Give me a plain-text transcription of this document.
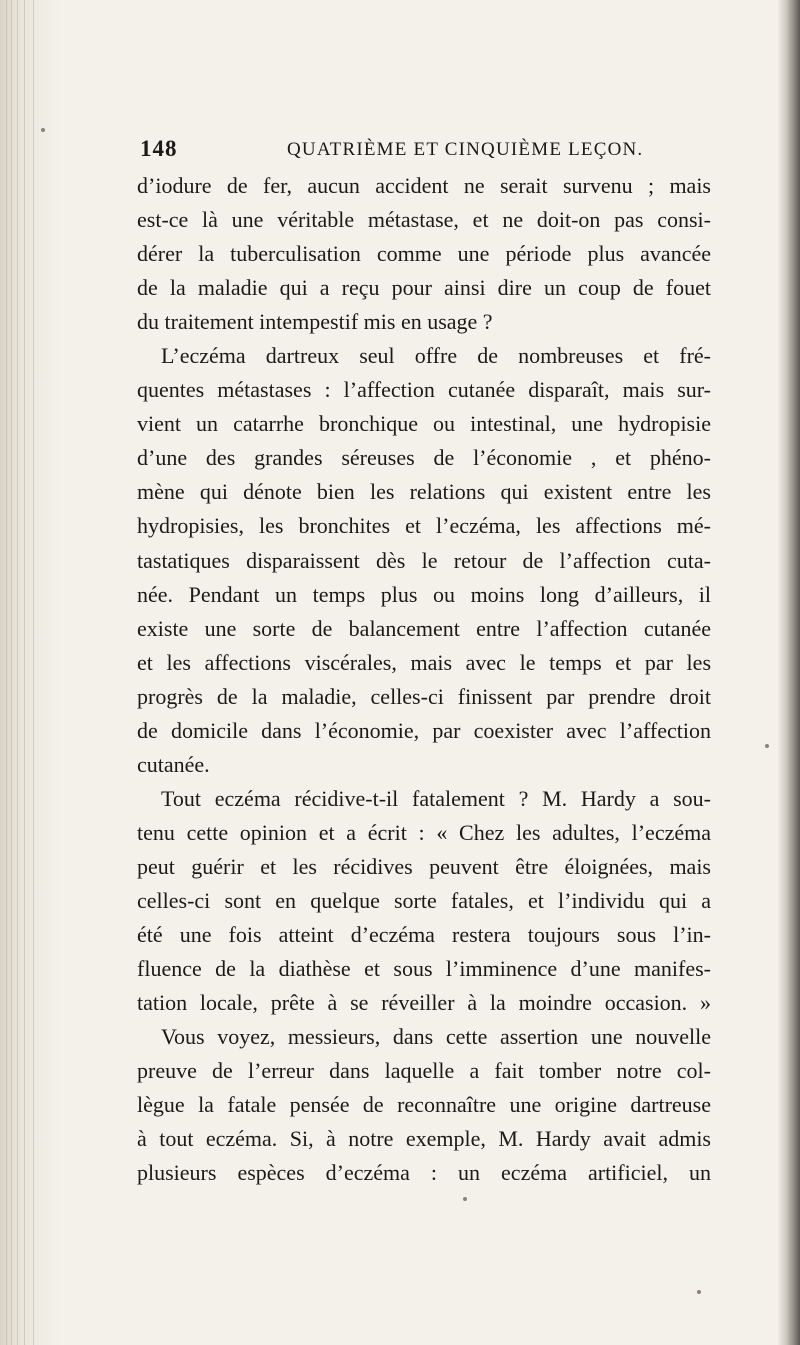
148	QUATRIÈME ET CINQUIÈME LEÇON.
d’iodure de fer, aucun accident ne serait survenu ; mais
est-ce là une véritable métastase, et ne doit-on pas consi-
dérer la tuberculisation comme une période plus avancée
de la maladie qui a reçu pour ainsi dire un coup de fouet
du traitement intempestif mis en usage ?
L’eczéma dartreux seul offre de nombreuses et fré-
quentes métastases : l’affection cutanée disparaît, mais sur-
vient un catarrhe bronchique ou intestinal, une hydropisie
d’une des grandes séreuses de l’économie , et phéno-
mène qui dénote bien les relations qui existent entre les
hydropisies, les bronchites et l’eczéma, les affections mé-
tastatiques disparaissent dès le retour de l’affection cuta-
née. Pendant un temps plus ou moins long d’ailleurs, il
existe une sorte de balancement entre l’affection cutanée
et les affections viscérales, mais avec le temps et par les
progrès de la maladie, celles-ci finissent par prendre droit
de domicile dans l’économie, par coexister avec l’affection
cutanée.
Tout eczéma récidive-t-il fatalement ? M. Hardy a sou-
tenu cette opinion et a écrit : « Chez les adultes, l’eczéma
peut guérir et les récidives peuvent être éloignées, mais
celles-ci sont en quelque sorte fatales, et l’individu qui a
été une fois atteint d’eczéma restera toujours sous l’in-
fluence de la diathèse et sous l’imminence d’une manifes-
tation locale, prête à se réveiller à la moindre occasion. »
Vous voyez, messieurs, dans cette assertion une nouvelle
preuve de l’erreur dans laquelle a fait tomber notre col-
lègue la fatale pensée de reconnaître une origine dartreuse
à tout eczéma. Si, à notre exemple, M. Hardy avait admis
plusieurs espèces d’eczéma : un eczéma artificiel, un
